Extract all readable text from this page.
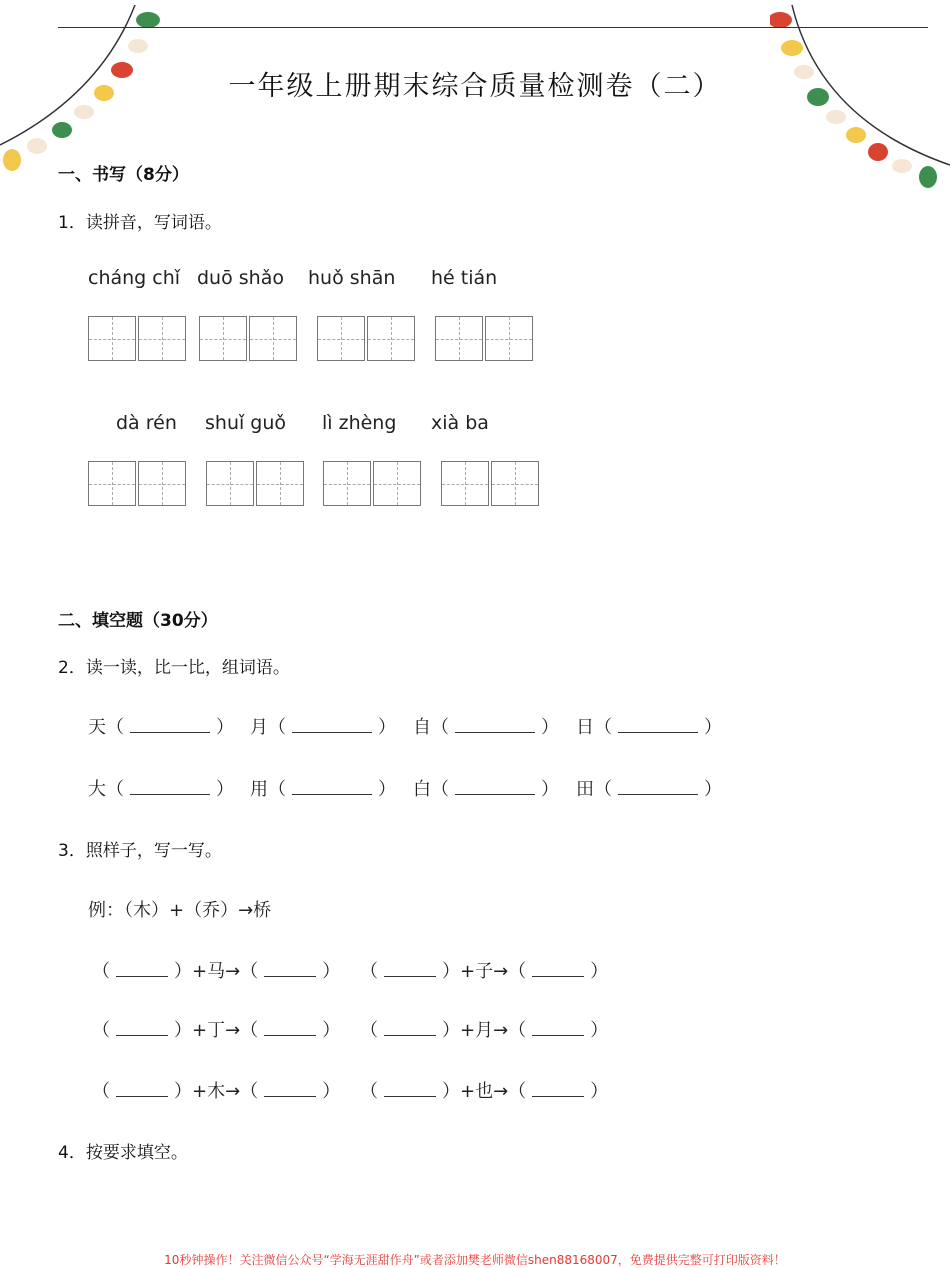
一年级上册期末综合质量检测卷（二）
一、书写（8分）
1．读拼音，写词语。
cháng chǐ duō shǎo huǒ shān hé tián
dà rén shuǐ guǒ lì zhèng xià ba
二、填空题（30分）
2．读一读，比一比，组词语。
天 （	） 月 （	） 自 （	） 日 （	）
大 （	） 用 （	） 白 （	） 田 （	）
3．照样子，写一写。
例：（木）+（乔）→桥
（	）+ 马 →（	） （	）+ 子 →（	）
（	）+ 丁 →（	） （	）+ 月 →（	）
（	）+ 木 →（	） （	）+ 也 →（	）
4．按要求填空。
10秒钟操作！关注微信公众号“学海无涯甜作舟”或者添加樊老师微信shen88168007，免费提供完整可打印版资料！
